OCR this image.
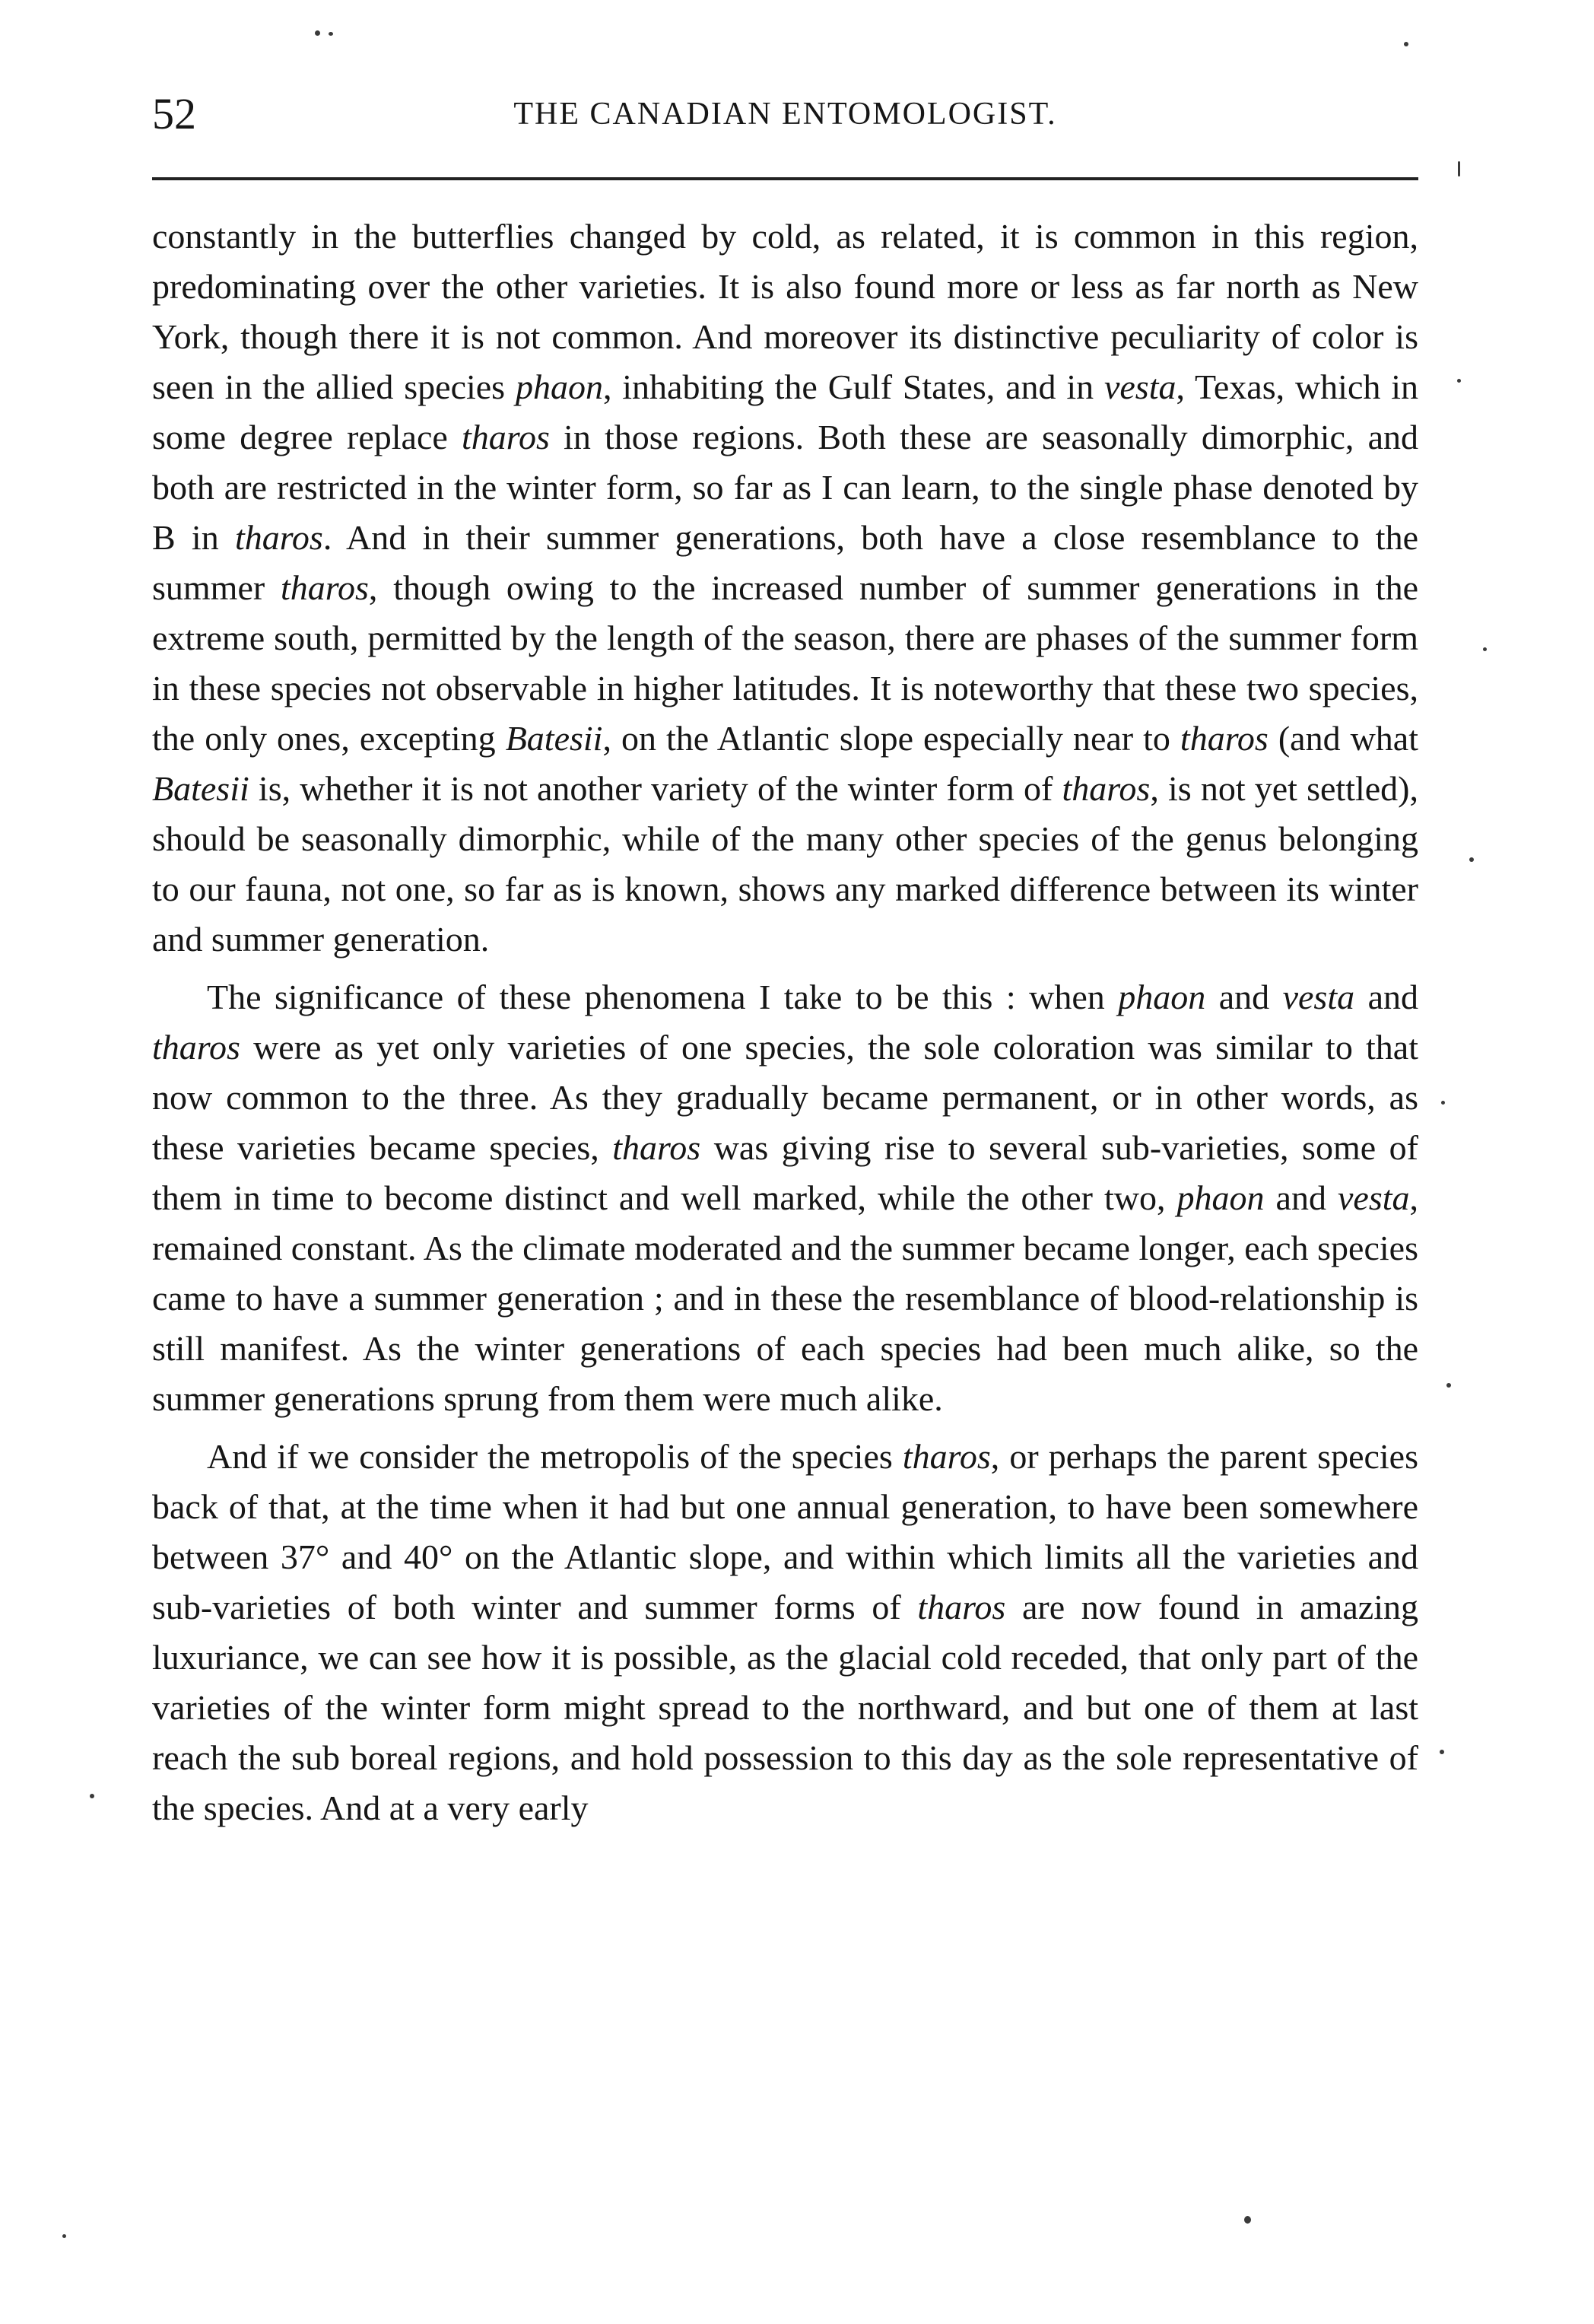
52	THE CANADIAN ENTOMOLOGIST.

constantly in the butterflies changed by cold, as related, it is common in this region, predominating over the other varieties. It is also found more or less as far north as New York, though there it is not common. And moreover its distinctive peculiarity of color is seen in the allied species phaon, inhabiting the Gulf States, and in vesta, Texas, which in some degree replace tharos in those regions. Both these are seasonally dimorphic, and both are restricted in the winter form, so far as I can learn, to the single phase denoted by B in tharos. And in their summer generations, both have a close resemblance to the summer tharos, though owing to the increased number of summer generations in the extreme south, permitted by the length of the season, there are phases of the summer form in these species not observable in higher latitudes. It is noteworthy that these two species, the only ones, excepting Batesii, on the Atlantic slope especially near to tharos (and what Batesii is, whether it is not another variety of the winter form of tharos, is not yet settled), should be seasonally dimorphic, while of the many other species of the genus belonging to our fauna, not one, so far as is known, shows any marked difference between its winter and summer generation.

The significance of these phenomena I take to be this : when phaon and vesta and tharos were as yet only varieties of one species, the sole coloration was similar to that now common to the three. As they gradually became permanent, or in other words, as these varieties became species, tharos was giving rise to several sub-varieties, some of them in time to become distinct and well marked, while the other two, phaon and vesta, remained constant. As the climate moderated and the summer became longer, each species came to have a summer generation ; and in these the resemblance of blood-relationship is still manifest. As the winter generations of each species had been much alike, so the summer generations sprung from them were much alike.

And if we consider the metropolis of the species tharos, or perhaps the parent species back of that, at the time when it had but one annual generation, to have been somewhere between 37° and 40° on the Atlantic slope, and within which limits all the varieties and sub-varieties of both winter and summer forms of tharos are now found in amazing luxuriance, we can see how it is possible, as the glacial cold receded, that only part of the varieties of the winter form might spread to the northward, and but one of them at last reach the sub boreal regions, and hold possession to this day as the sole representative of the species. And at a very early
